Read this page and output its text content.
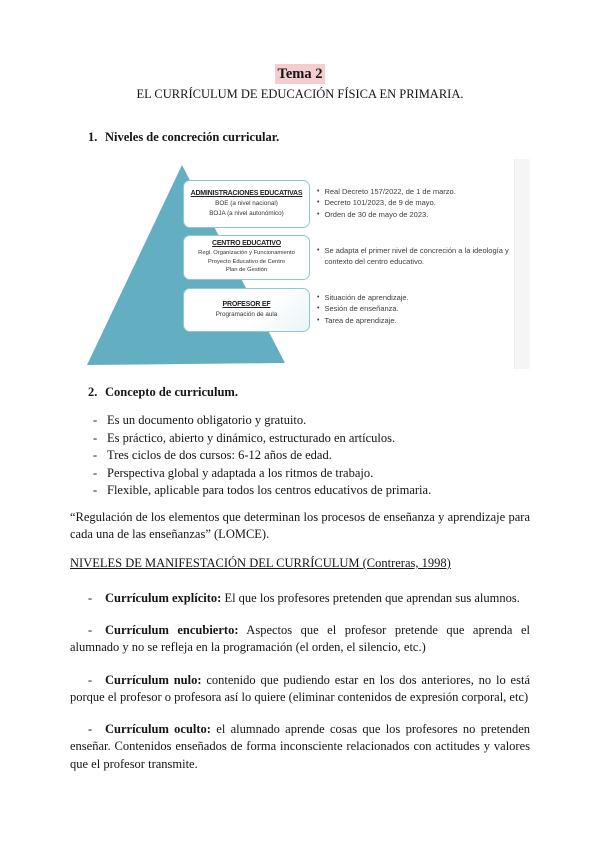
Tema 2
EL CURRÍCULUM DE EDUCACIÓN FÍSICA EN PRIMARIA.
1. Niveles de concreción curricular.
ADMINISTRACIONES EDUCATIVAS
BOE (a nivel nacional)
BOJA (a nivel autonómico)
CENTRO EDUCATIVO
Regl. Organización y Funcionamiento
Proyecto Educativo de Centro
Plan de Gestión
PROFESOR EF
Programación de aula
• Real Decreto 157/2022, de 1 de marzo.
• Decreto 101/2023, de 9 de mayo.
• Orden de 30 de mayo de 2023.
• Se adapta el primer nivel de concreción a la ideología y contexto del centro educativo.
• Situación de aprendizaje.
• Sesión de enseñanza.
• Tarea de aprendizaje.
2. Concepto de curriculum.
- Es un documento obligatorio y gratuito.
- Es práctico, abierto y dinámico, estructurado en artículos.
- Tres ciclos de dos cursos: 6-12 años de edad.
- Perspectiva global y adaptada a los ritmos de trabajo.
- Flexible, aplicable para todos los centros educativos de primaria.

“Regulación de los elementos que determinan los procesos de enseñanza y aprendizaje para cada una de las enseñanzas” (LOMCE).

NIVELES DE MANIFESTACIÓN DEL CURRÍCULUM (Contreras, 1998)

- Currículum explícito: El que los profesores pretenden que aprendan sus alumnos.

- Currículum encubierto: Aspectos que el profesor pretende que aprenda el alumnado y no se refleja en la programación (el orden, el silencio, etc.)

- Currículum nulo: contenido que pudiendo estar en los dos anteriores, no lo está porque el profesor o profesora así lo quiere (eliminar contenidos de expresión corporal, etc)

- Currículum oculto: el alumnado aprende cosas que los profesores no pretenden enseñar. Contenidos enseñados de forma inconsciente relacionados con actitudes y valores que el profesor transmite.
